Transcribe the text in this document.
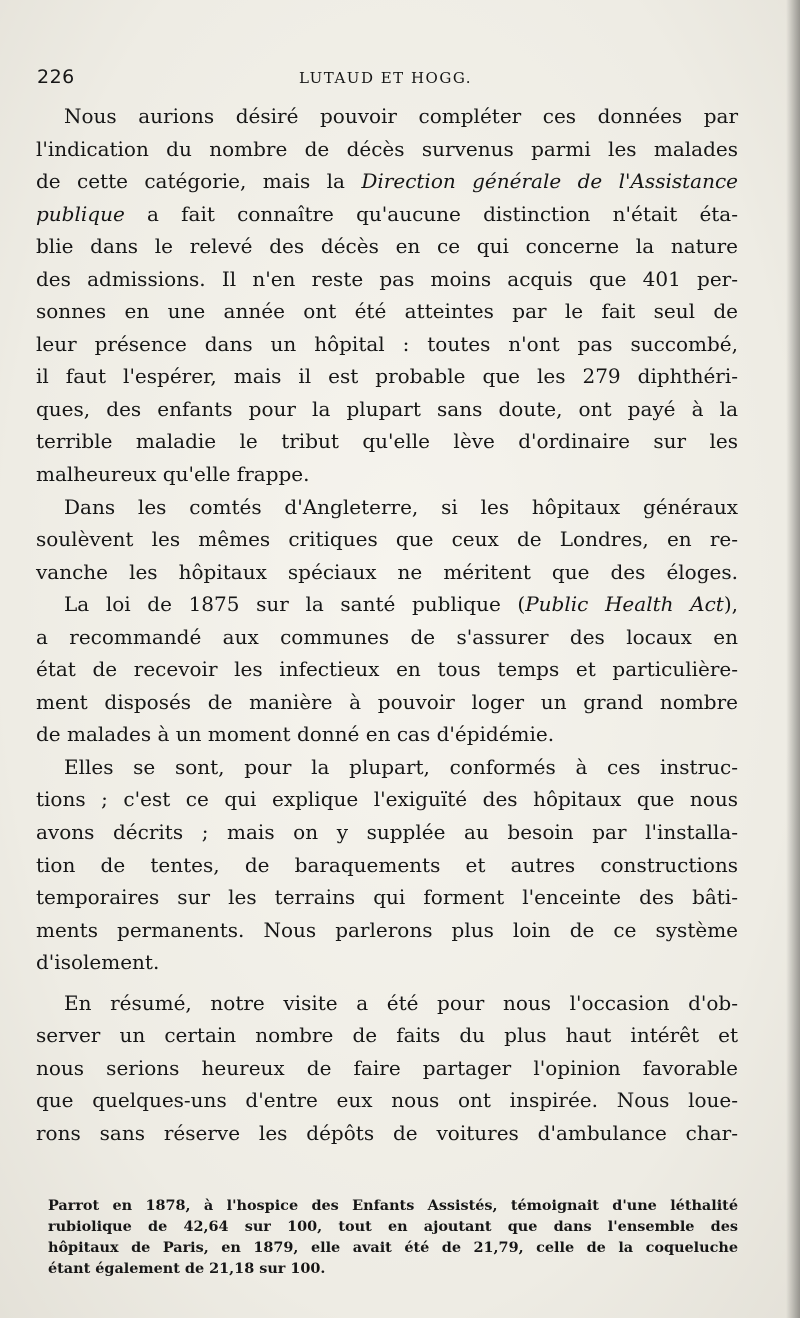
226	LUTAUD ET HOGG.
Nous aurions désiré pouvoir compléter ces données par
l'indication du nombre de décès survenus parmi les malades
de cette catégorie, mais la Direction générale de l'Assistance
publique a fait connaître qu'aucune distinction n'était éta-
blie dans le relevé des décès en ce qui concerne la nature
des admissions. Il n'en reste pas moins acquis que 401 per-
sonnes en une année ont été atteintes par le fait seul de
leur présence dans un hôpital : toutes n'ont pas succombé,
il faut l'espérer, mais il est probable que les 279 diphthéri-
ques, des enfants pour la plupart sans doute, ont payé à la
terrible maladie le tribut qu'elle lève d'ordinaire sur les
malheureux qu'elle frappe.
Dans les comtés d'Angleterre, si les hôpitaux généraux
soulèvent les mêmes critiques que ceux de Londres, en re-
vanche les hôpitaux spéciaux ne méritent que des éloges.
La loi de 1875 sur la santé publique (Public Health Act),
a recommandé aux communes de s'assurer des locaux en
état de recevoir les infectieux en tous temps et particulière-
ment disposés de manière à pouvoir loger un grand nombre
de malades à un moment donné en cas d'épidémie.
Elles se sont, pour la plupart, conformés à ces instruc-
tions ; c'est ce qui explique l'exiguïté des hôpitaux que nous
avons décrits ; mais on y supplée au besoin par l'installa-
tion de tentes, de baraquements et autres constructions
temporaires sur les terrains qui forment l'enceinte des bâti-
ments permanents. Nous parlerons plus loin de ce système
d'isolement.
En résumé, notre visite a été pour nous l'occasion d'ob-
server un certain nombre de faits du plus haut intérêt et
nous serions heureux de faire partager l'opinion favorable
que quelques-uns d'entre eux nous ont inspirée. Nous loue-
rons sans réserve les dépôts de voitures d'ambulance char-
Parrot en 1878, à l'hospice des Enfants Assistés, témoignait d'une léthalité
rubiolique de 42,64 sur 100, tout en ajoutant que dans l'ensemble des
hôpitaux de Paris, en 1879, elle avait été de 21,79, celle de la coqueluche
étant également de 21,18 sur 100.
